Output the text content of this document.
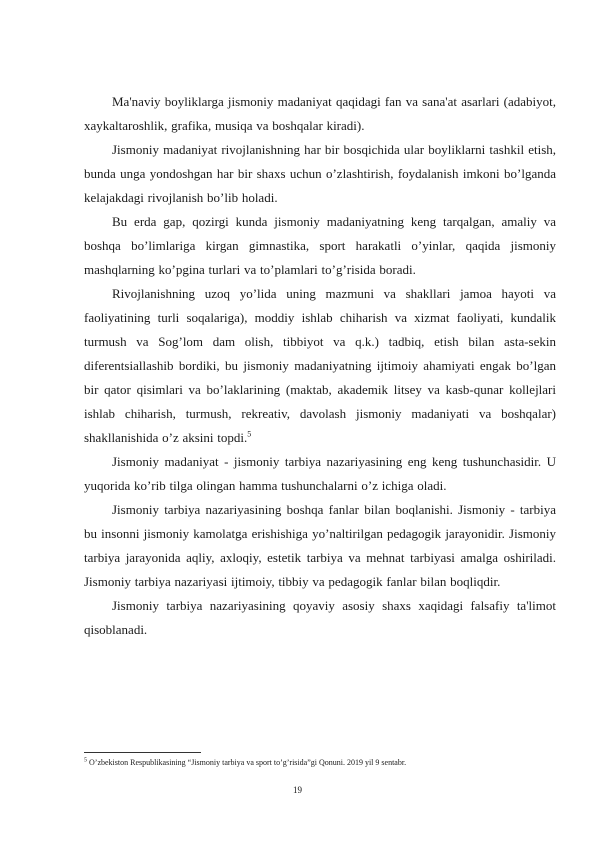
Ma'naviy boyliklarga jismoniy madaniyat qaqidagi fan va sana'at asarlari (adabiyot, xaykaltaroshlik, grafika, musiqa va boshqalar kiradi).

Jismoniy madaniyat rivojlanishning har bir bosqichida ular boyliklarni tashkil etish, bunda unga yondoshgan har bir shaxs uchun o’zlashtirish, foydalanish imkoni bo’lganda kelajakdagi rivojlanish bo’lib holadi.

Bu erda gap, qozirgi kunda jismoniy madaniyatning keng tarqalgan, amaliy va boshqa bo’limlariga kirgan gimnastika, sport harakatli o’yinlar, qaqida jismoniy mashqlarning ko’pgina turlari va to’plamlari to’g’risida boradi.

Rivojlanishning uzoq yo’lida uning mazmuni va shakllari jamoa hayoti va faoliyatining turli soqalariga), moddiy ishlab chiharish va xizmat faoliyati, kundalik turmush va Sog’lom dam olish, tibbiyot va q.k.) tadbiq, etish bilan asta-sekin diferentsiallashib bordiki, bu jismoniy madaniyatning ijtimoiy ahamiyati engak bo’lgan bir qator qisimlari va bo’laklarining (maktab, akademik litsey va kasb-qunar kollejlari ishlab chiharish, turmush, rekreativ, davolash jismoniy madaniyati va boshqalar) shakllanishida o’z aksini topdi.$^5$

Jismoniy madaniyat - jismoniy tarbiya nazariyasining eng keng tushunchasidir. U yuqorida ko’rib tilga olingan hamma tushunchalarni o’z ichiga oladi.

Jismoniy tarbiya nazariyasining boshqa fanlar bilan boqlanishi. Jismoniy - tarbiya bu insonni jismoniy kamolatga erishishiga yo’naltirilgan pedagogik jarayonidir. Jismoniy tarbiya jarayonida aqliy, axloqiy, estetik tarbiya va mehnat tarbiyasi amalga oshiriladi. Jismoniy tarbiya nazariyasi ijtimoiy, tibbiy va pedagogik fanlar bilan boqliqdir.

Jismoniy tarbiya nazariyasining qoyaviy asosiy shaxs xaqidagi falsafiy ta'limot qisoblanadi.

$^5$ O’zbekiston Respublikasining “Jismoniy tarbiya va sport to’g’risida”gi Qonuni. 2019 yil 9 sentabr.
19
